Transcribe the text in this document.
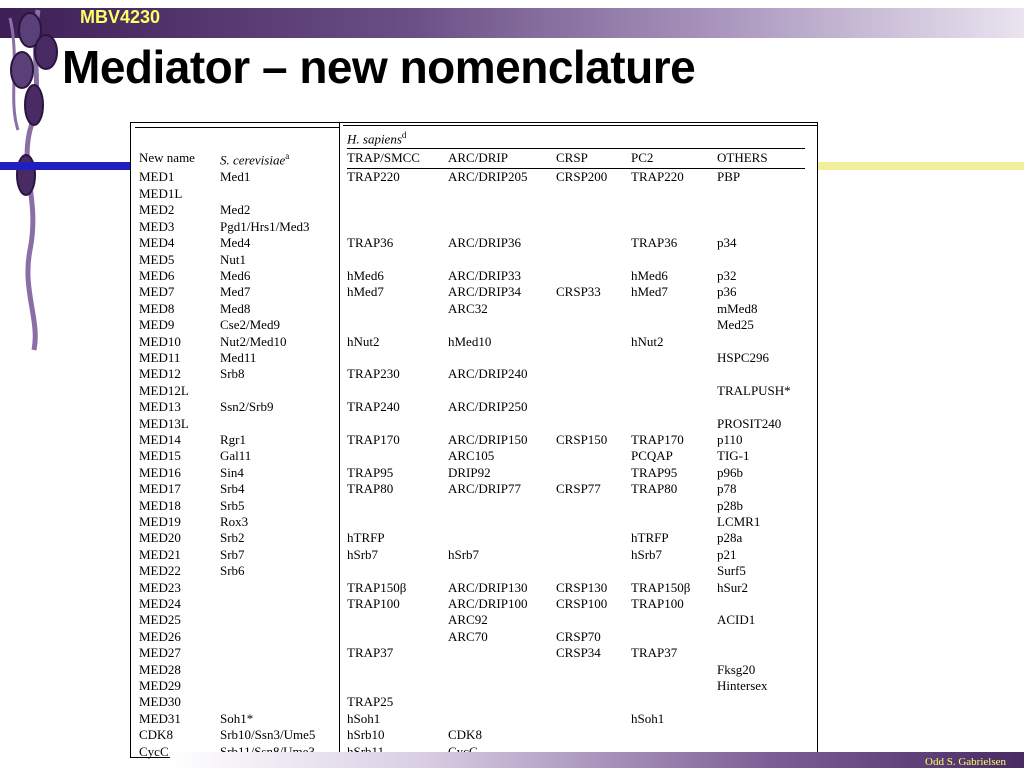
MBV4230
Mediator – new nomenclature
		H. sapiens$^d$
New name	S. cerevisiae$^a$	TRAP/SMCC	ARC/DRIP	CRSP	PC2	OTHERS
MED1	Med1	TRAP220	ARC/DRIP205	CRSP200	TRAP220	PBP
MED1L						
MED2	Med2					
MED3	Pgd1/Hrs1/Med3					
MED4	Med4	TRAP36	ARC/DRIP36		TRAP36	p34
MED5	Nut1					
MED6	Med6	hMed6	ARC/DRIP33		hMed6	p32
MED7	Med7	hMed7	ARC/DRIP34	CRSP33	hMed7	p36
MED8	Med8		ARC32			mMed8
MED9	Cse2/Med9					Med25
MED10	Nut2/Med10	hNut2	hMed10		hNut2	
MED11	Med11					HSPC296
MED12	Srb8	TRAP230	ARC/DRIP240			
MED12L						TRALPUSH*
MED13	Ssn2/Srb9	TRAP240	ARC/DRIP250			
MED13L						PROSIT240
MED14	Rgr1	TRAP170	ARC/DRIP150	CRSP150	TRAP170	p110
MED15	Gal11		ARC105		PCQAP	TIG-1
MED16	Sin4	TRAP95	DRIP92		TRAP95	p96b
MED17	Srb4	TRAP80	ARC/DRIP77	CRSP77	TRAP80	p78
MED18	Srb5					p28b
MED19	Rox3					LCMR1
MED20	Srb2	hTRFP			hTRFP	p28a
MED21	Srb7	hSrb7	hSrb7		hSrb7	p21
MED22	Srb6					Surf5
MED23		TRAP150β	ARC/DRIP130	CRSP130	TRAP150β	hSur2
MED24		TRAP100	ARC/DRIP100	CRSP100	TRAP100	
MED25			ARC92			ACID1
MED26			ARC70	CRSP70		
MED27		TRAP37		CRSP34	TRAP37	
MED28						Fksg20
MED29						Hintersex
MED30		TRAP25				
MED31	Soh1*	hSoh1			hSoh1	
CDK8	Srb10/Ssn3/Ume5	hSrb10	CDK8			
CycC						
Odd S. Gabrielsen
